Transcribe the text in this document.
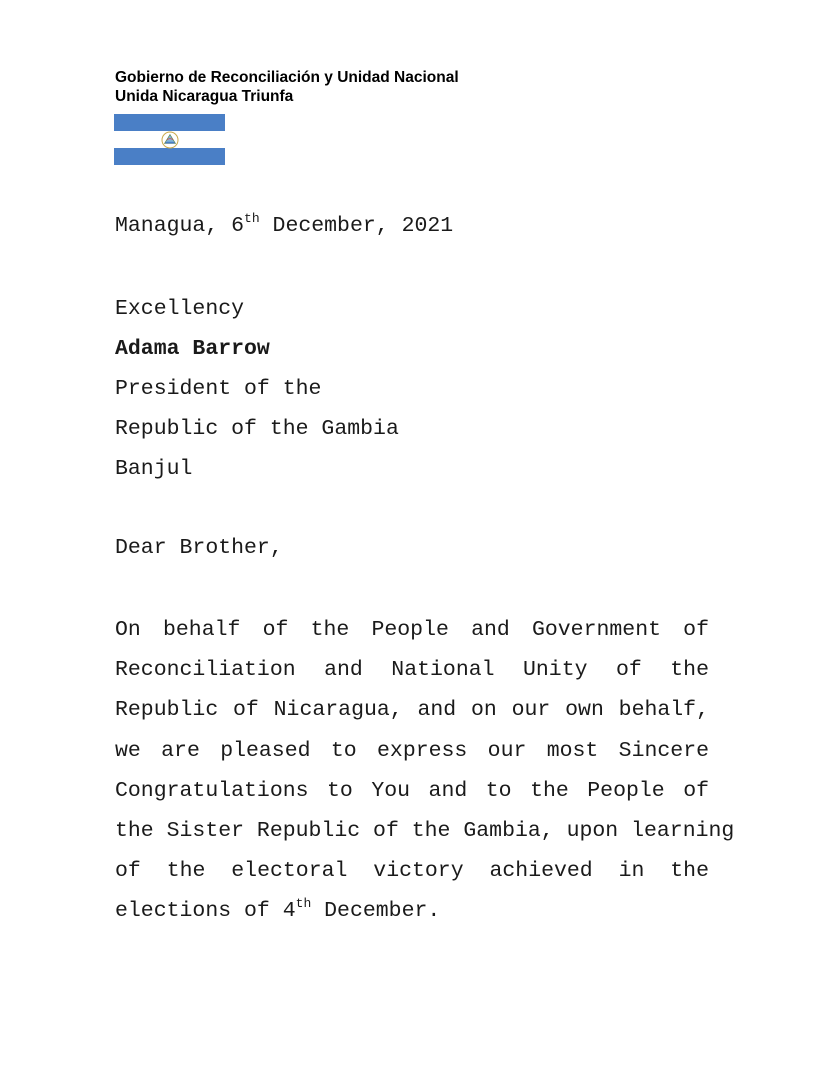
Gobierno de Reconciliación y Unidad Nacional
Unida Nicaragua Triunfa
Managua, 6th December, 2021
Excellency
Adama Barrow
President of the
Republic of the Gambia
Banjul
Dear Brother,
On behalf of the People and Government of
Reconciliation and National Unity of the
Republic of Nicaragua, and on our own behalf,
we are pleased to express our most Sincere
Congratulations to You and to the People of
the Sister Republic of the Gambia, upon learning
of the electoral victory achieved in the
elections of 4th December.
